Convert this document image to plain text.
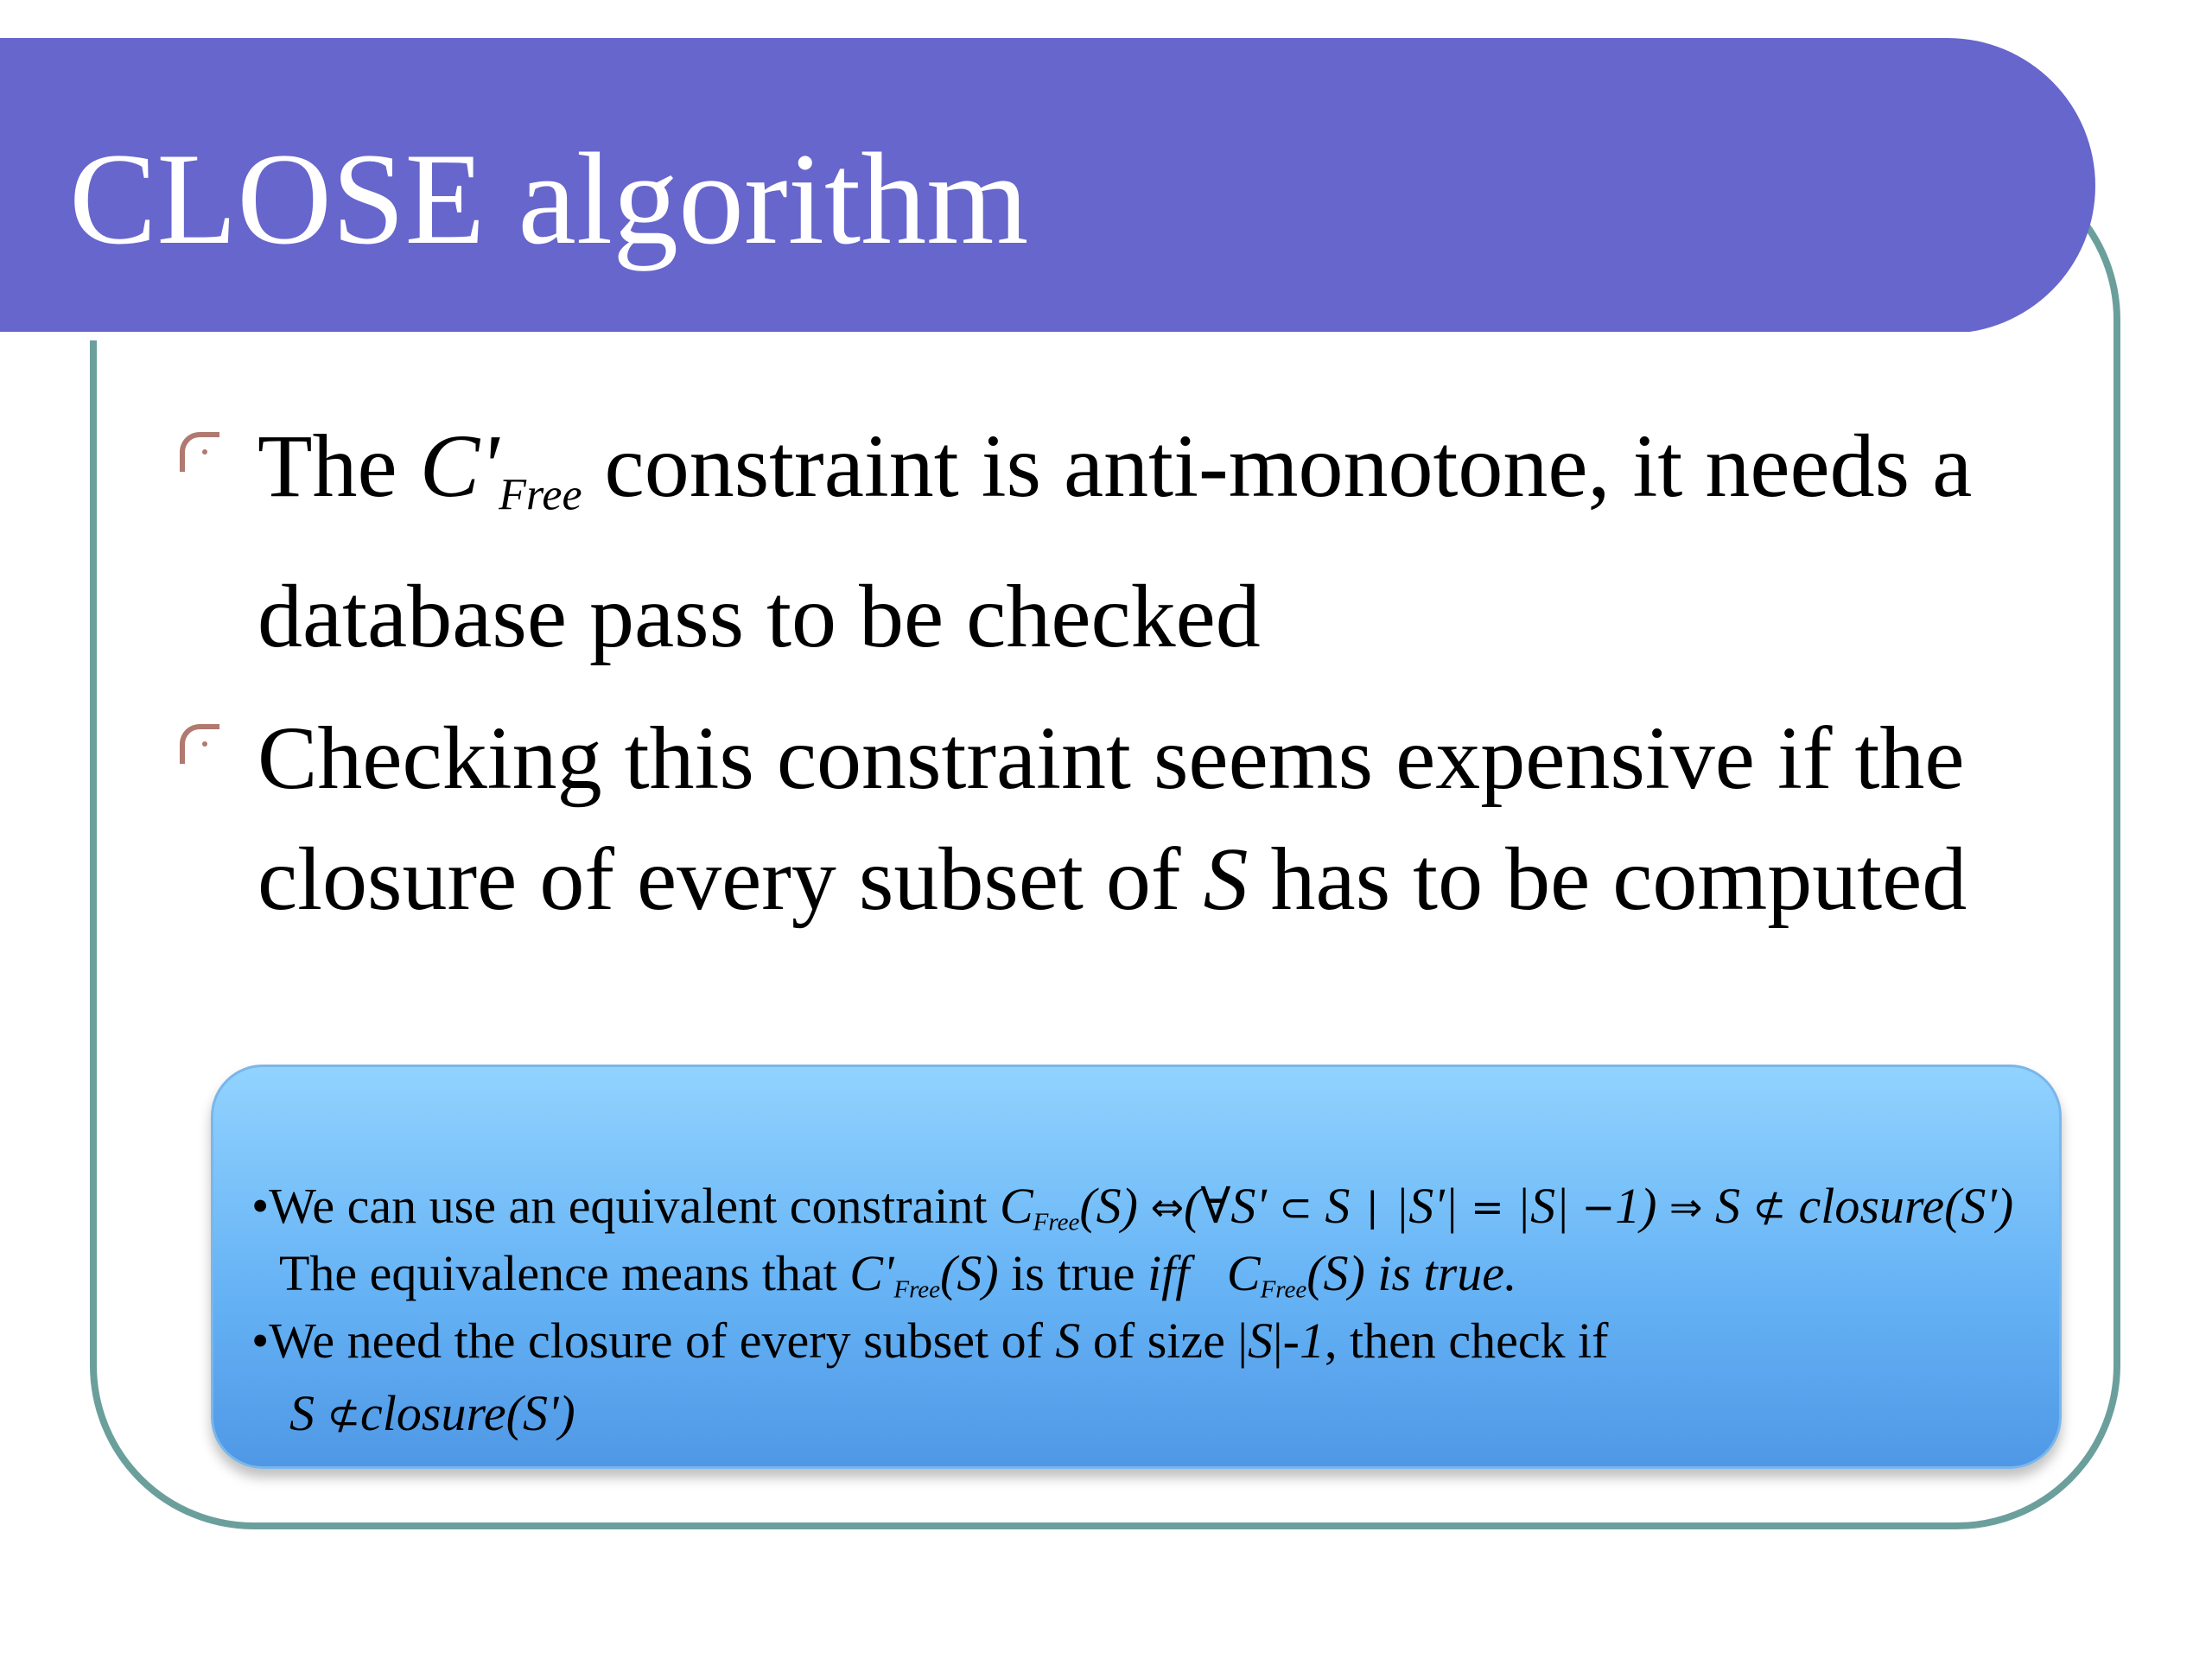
CLOSE algorithm
The $C'_{Free}$ constraint is anti-monotone, it needs a database pass to be checked
Checking this constraint seems expensive if the closure of every subset of S has to be computed
•We can use an equivalent constraint $C_{Free}(S)$ ⇔(∀S' ⊂ S ∣ |S'| = |S| −1) ⇒ S ⊄ closure(S')
The equivalence means that $C'_{Free}(S)$ is true iff $C_{Free}(S)$ is true.
•We need the closure of every subset of S of size |S|-1, then check if
S ⊄closure(S')
